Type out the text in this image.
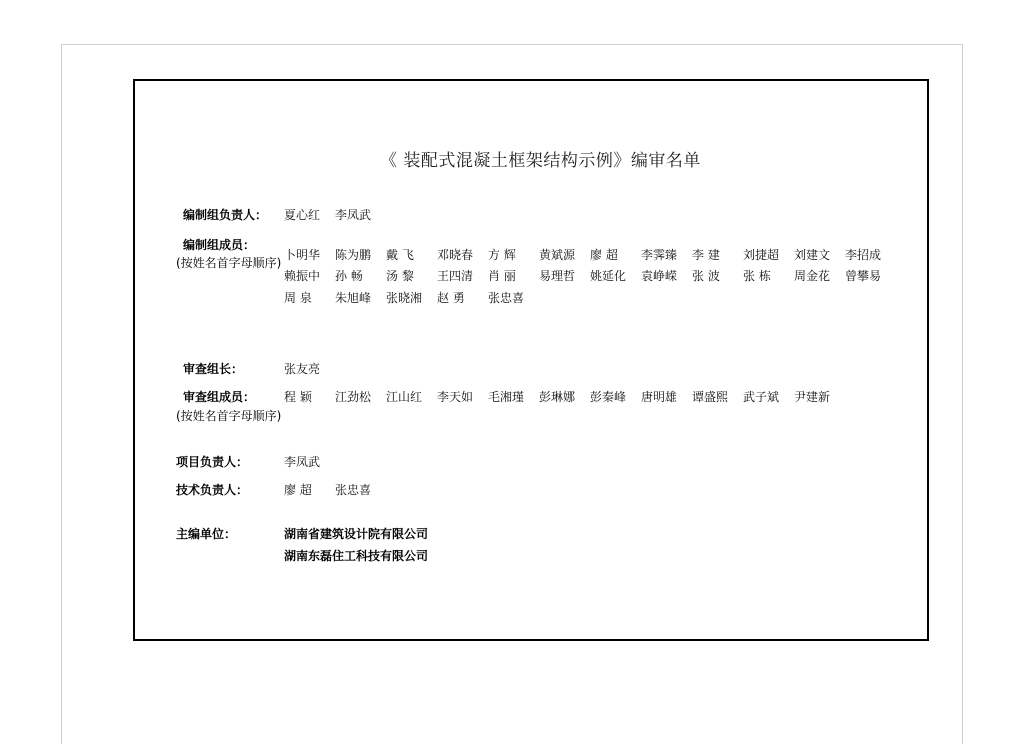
《 装配式混凝土框架结构示例》编审名单
编制组负责人： 夏心红 李凤武
编制组成员：
(按姓名首字母顺序)
卜明华 陈为鹏 戴 飞 邓晓春 方 辉 黄斌源 廖 超 李霁臻 李 建 刘捷超 刘建文 李招成
赖振中 孙 畅 汤 黎 王四清 肖 丽 易理哲 姚延化 袁峥嵘 张 波 张 栋 周金花 曾攀易
周 泉 朱旭峰 张晓湘 赵 勇 张忠喜
审查组长：	张友亮
审查组成员：
(按姓名首字母顺序)
程 颖 江劲松 江山红 李天如 毛湘瑾 彭琳娜 彭秦峰 唐明雄 谭盛熙 武子斌 尹建新
项目负责人：	李凤武
技术负责人：	廖 超 张忠喜
主编单位：	湖南省建筑设计院有限公司
湖南东磊住工科技有限公司
